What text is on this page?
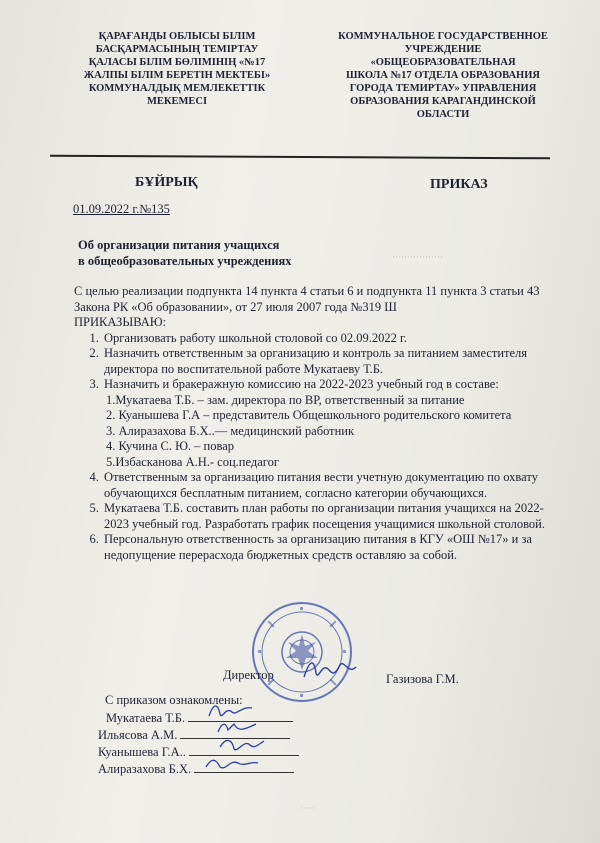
ҚАРАҒАНДЫ ОБЛЫСЫ БІЛІМ
БАСҚАРМАСЫНЫҢ ТЕМІРТАУ
ҚАЛАСЫ БІЛІМ БӨЛІМІНІҢ «№17
ЖАЛПЫ БІЛІМ БЕРЕТІН МЕКТЕБІ»
КОММУНАЛДЫҚ МЕМЛЕКЕТТІК
МЕКЕМЕСІ
КОММУНАЛЬНОЕ ГОСУДАРСТВЕННОЕ
УЧРЕЖДЕНИЕ
«ОБЩЕОБРАЗОВАТЕЛЬНАЯ
ШКОЛА №17 ОТДЕЛА ОБРАЗОВАНИЯ
ГОРОДА ТЕМИРТАУ» УПРАВЛЕНИЯ
ОБРАЗОВАНИЯ КАРАГАНДИНСКОЙ
ОБЛАСТИ
БҰЙРЫҚ	ПРИКАЗ
01.09.2022 г.№135
Об организации питания учащихся
в общеобразовательных учреждениях	·················

С целью реализации подпункта 14 пункта 4 статьи 6 и подпункта 11 пункта 3 статьи 43 Закона РК «Об образовании», от 27 июля 2007 года №319 Ш

ПРИКАЗЫВАЮ:

1. Организовать работу школьной столовой со 02.09.2022 г.
2. Назначить ответственным за организацию и контроль за питанием заместителя директора по воспитательной работе Мукатаеву Т.Б.
3. Назначить и бракеражную комиссию на 2022-2023 учебный год в составе:
1.Мукатаева Т.Б. – зам. директора по ВР, ответственный за питание
2. Куанышева Г.А – представитель Общешкольного родительского комитета
3. Алиразахова Б.Х..— медицинский работник
4. Кучина С. Ю. – повар
5.Избасканова А.Н.- соц.педагог
4. Ответственным за организацию питания вести учетную документацию по охвату обучающихся бесплатным питанием, согласно категории обучающихся.
5. Мукатаева Т.Б. составить план работы по организации питания учащихся на 2022-2023 учебный год. Разработать график посещения учащимися школьной столовой.
6. Персональную ответственность за организацию питания в КГУ «ОШ №17» и за недопущение перерасхода бюджетных средств оставляю за собой.
Директор	Газизова Г.М.
С приказом ознакомлены:
Мукатаева Т.Б.
Ильясова А.М.
Куанышева Г.А..
Алиразахова Б.Х.
·····
